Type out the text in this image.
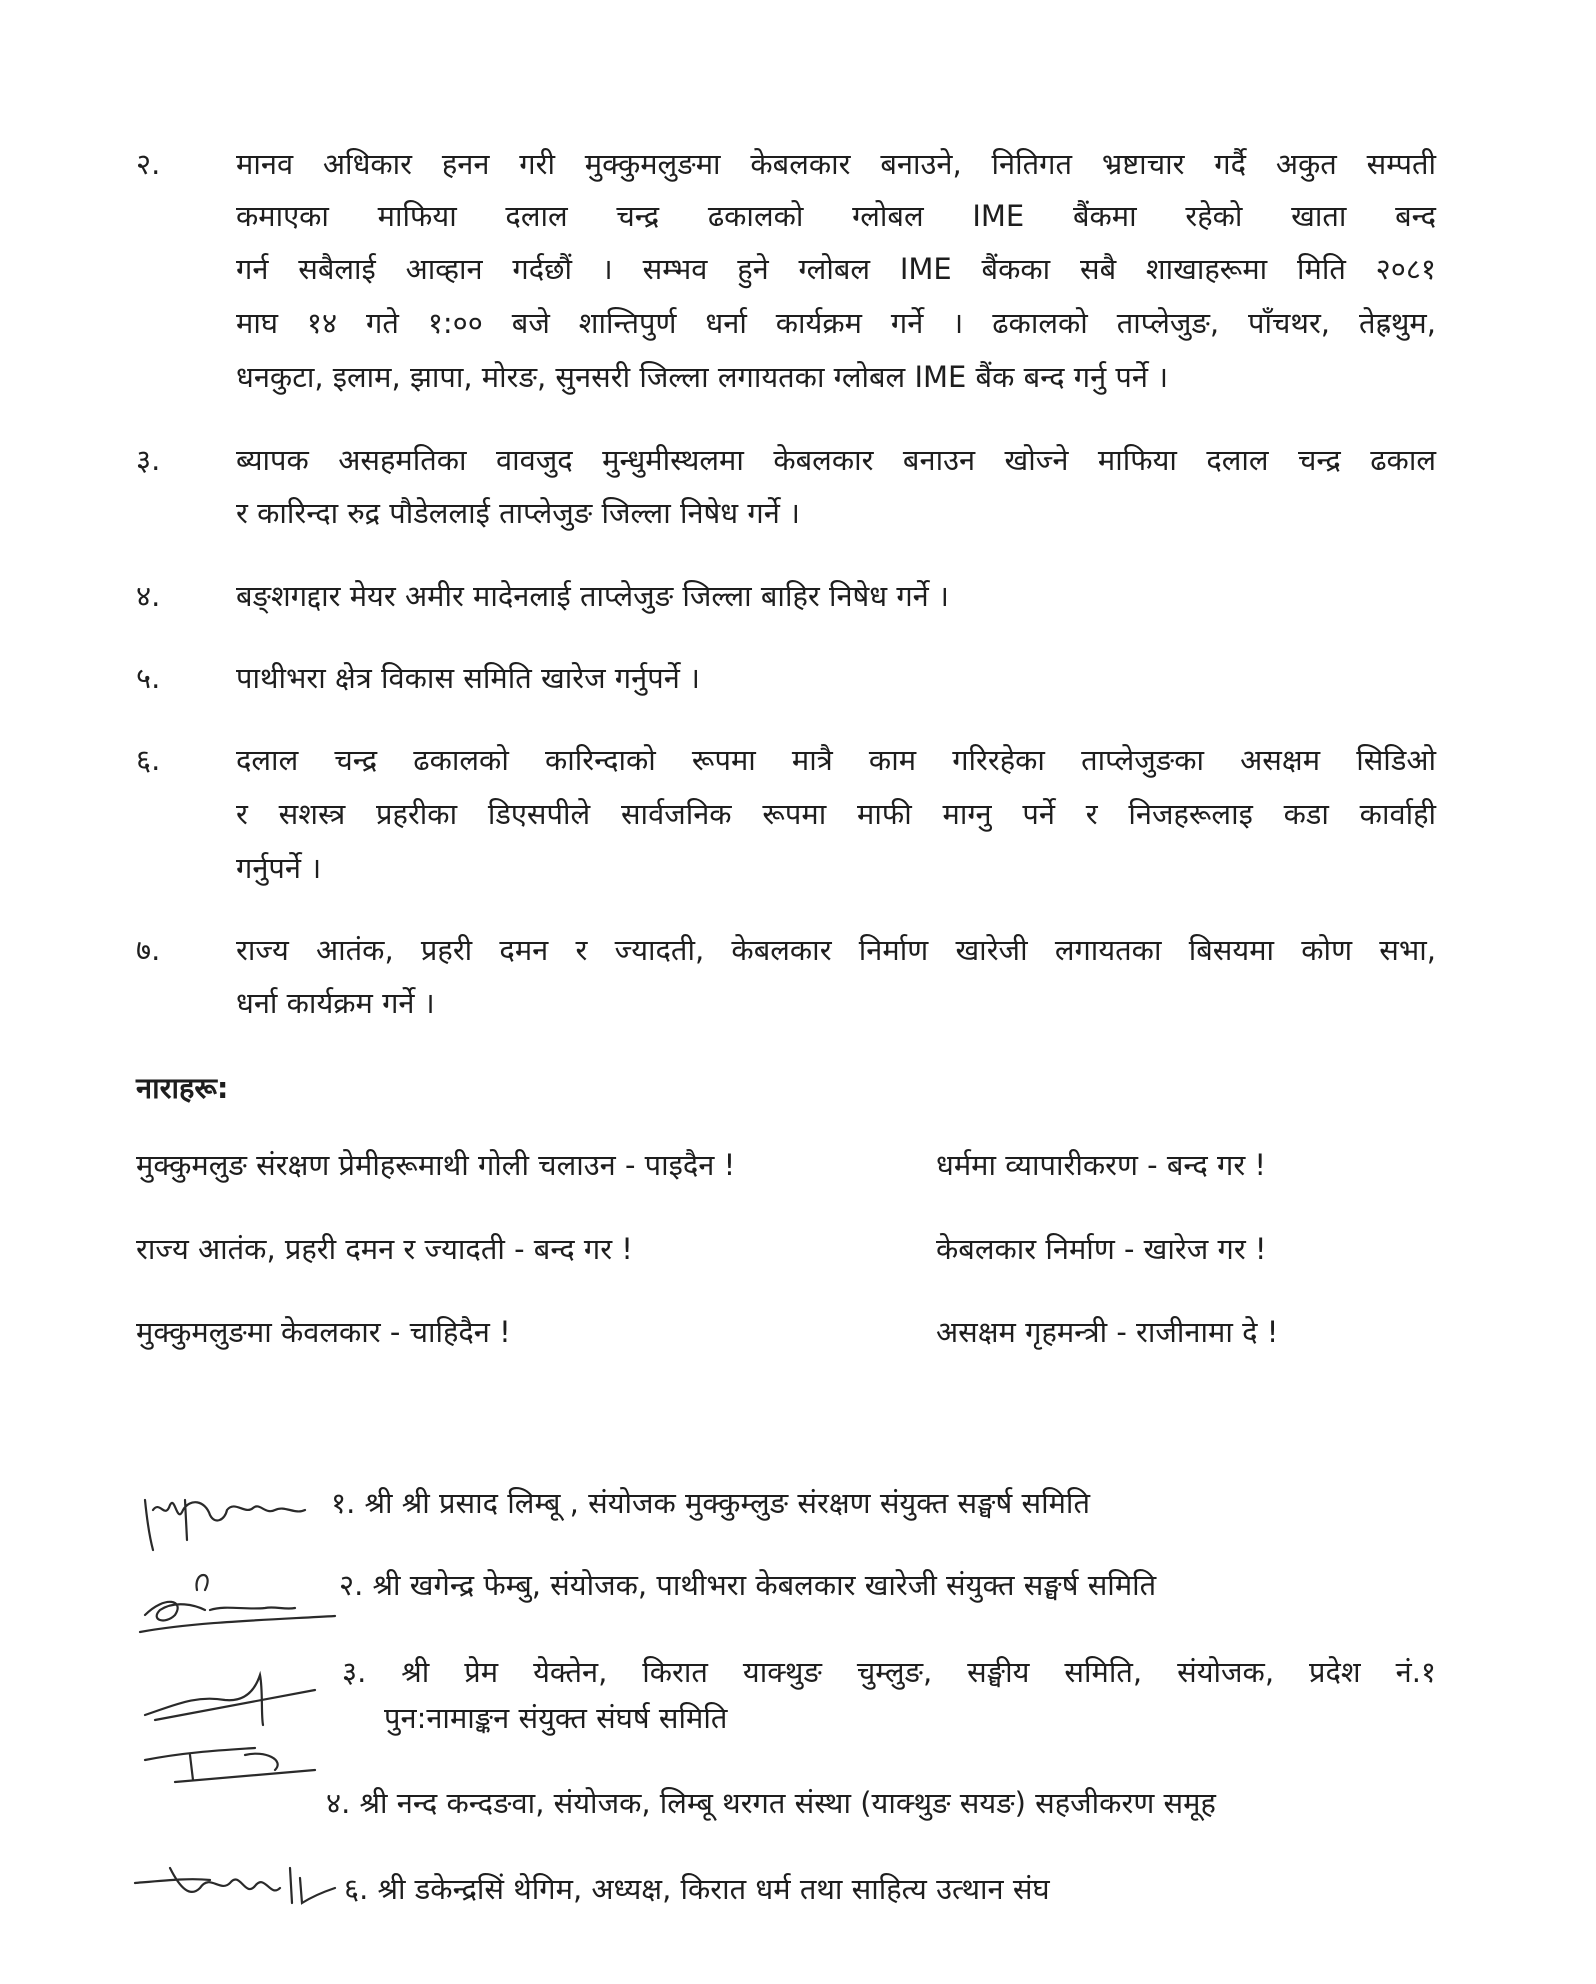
२.	मानव अधिकार हनन गरी मुक्कुमलुङमा केबलकार बनाउने, नितिगत भ्रष्टाचार गर्दै अकुत सम्पती
कमाएका माफिया दलाल चन्द्र ढकालको ग्लोबल IME बैंकमा रहेको खाता बन्द
गर्न सबैलाई आव्हान गर्दछौं । सम्भव हुने ग्लोबल IME बैंकका सबै शाखाहरूमा मिति २०८१
माघ १४ गते १:०० बजे शान्तिपुर्ण धर्ना कार्यक्रम गर्ने । ढकालको ताप्लेजुङ, पाँचथर, तेह्रथुम,
धनकुटा, इलाम, झापा, मोरङ, सुनसरी जिल्ला लगायतका ग्लोबल IME बैंक बन्द गर्नु पर्ने ।
३.	ब्यापक असहमतिका वावजुद मुन्धुमीस्थलमा केबलकार बनाउन खोज्ने माफिया दलाल चन्द्र ढकाल
र कारिन्दा रुद्र पौडेललाई ताप्लेजुङ जिल्ला निषेध गर्ने ।
४.	बङ्शगद्दार मेयर अमीर मादेनलाई ताप्लेजुङ जिल्ला बाहिर निषेध गर्ने ।
५.	पाथीभरा क्षेत्र विकास समिति खारेज गर्नुपर्ने ।
६.	दलाल चन्द्र ढकालको कारिन्दाको रूपमा मात्रै काम गरिरहेका ताप्लेजुङका असक्षम सिडिओ
र सशस्त्र प्रहरीका डिएसपीले सार्वजनिक रूपमा माफी माग्नु पर्ने र निजहरूलाइ कडा कार्वाही
गर्नुपर्ने ।
७.	राज्य आतंक, प्रहरी दमन र ज्यादती, केबलकार निर्माण खारेजी लगायतका बिसयमा कोण सभा,
धर्ना कार्यक्रम गर्ने ।
नाराहरू:
मुक्कुमलुङ संरक्षण प्रेमीहरूमाथी गोली चलाउन - पाइदैन !	धर्ममा व्यापारीकरण - बन्द गर !
राज्य आतंक, प्रहरी दमन र ज्यादती - बन्द गर !	केबलकार निर्माण - खारेज गर !
मुक्कुमलुङमा केवलकार - चाहिदैन !	असक्षम गृहमन्त्री - राजीनामा दे !
१. श्री श्री प्रसाद लिम्बू , संयोजक मुक्कुम्लुङ संरक्षण संयुक्त सङ्घर्ष समिति
२. श्री खगेन्द्र फेम्बु, संयोजक, पाथीभरा केबलकार खारेजी संयुक्त सङ्घर्ष समिति
३. श्री प्रेम येक्तेन, किरात याक्थुङ चुम्लुङ, सङ्घीय समिति, संयोजक, प्रदेश नं.१
पुन:नामाङ्कन संयुक्त संघर्ष समिति
४. श्री नन्द कन्दङवा, संयोजक, लिम्बू थरगत संस्था (याक्थुङ सयङ) सहजीकरण समूह
६. श्री डकेन्द्रसिं थेगिम, अध्यक्ष, किरात धर्म तथा साहित्य उत्थान संघ
